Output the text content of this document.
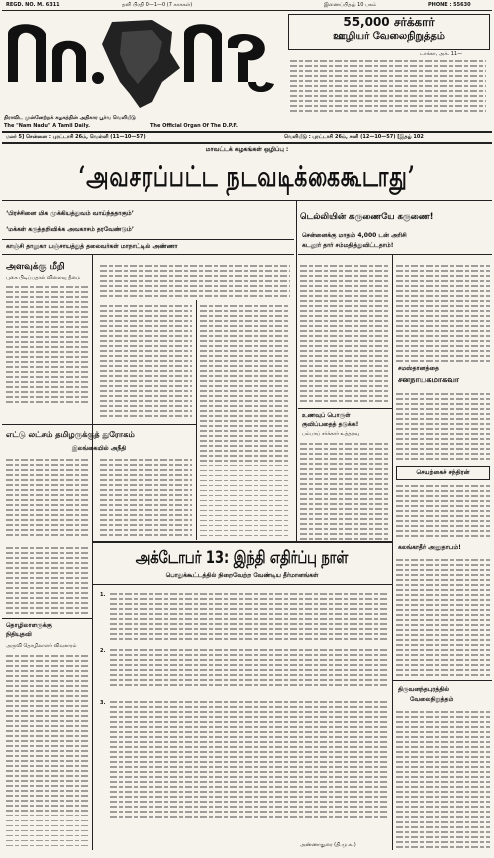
REGD. NO. M. 6311	தனி பிரதி 0—1—0 (7 காசுகள்)	இணைப்பிதழ் 10 பகம்	PHONE : 55630
திராவிட முன்னேற்றக் கழகத்தின் அதிகார பூர்வ வெளியீடு
The "Nam Nadu" A Tamil Daily.	The Official Organ Of The D.P.F.
55,000 சர்க்கார்
ஊழியர் வேலைநிறுத்தம்
டாக்கா, அக். 11—
மலர் 5] சென்னை : புரட்டாசி 26ம், வெள்ளி (11—10—57)	வெளியீடு : புரட்டாசி 26ம், சனி (12—10—57) [இதழ் 102
மாவட்டக் கழகங்கள் ஒழிப்பு :
‘அவசரப்பட்ட நடவடிக்கைகூடாது’
‘பிரச்சினை மிக முக்கியத்துவம் வாய்ந்ததாகும்’
‘மக்கள் கருத்தறிவிக்க அவகாசம் தரவேண்டும்’
காஞ்சி தாலுகா பஞ்சாயத்துத் தலைவர்கள் மாநாட்டில் அண்ணா
டெல்லியின் கருணையே கருணை!
சென்னைக்கு மாதம் 4,000 டன் அரிசி
கடலூர் தார் சம்மதித்துவிட்டதாம்!
அளவுக்கு மீறி
புகை பிடிப்பதால் விளைவு தீமை
எட்டு லட்சம் தமிழருக்குத் துரோகம்
இலங்கையில் அநீதி
உணவுப் பொருள்
குவிப்பதைத் தடுக்க!
பம்பாய் சர்க்கார் உத்தரவு
சமஸ்தானத்தை
சனநாயகமாகவா
செயற்கைச் சந்திரன்
அக்டோபர் 13: இந்தி எதிர்ப்பு நாள்
பொதுக்கூட்டத்தில் நிறைவேற்ற வேண்டிய தீர்மானங்கள்
1.
2.
3.
அண்ணாதுரை (தி.மு.க.)
தொழிலாளருக்கு
நிதியுதவி
அருவி தொழிலாளர் விவகாரம்
கலங்காதீர் அனுதாபம்!
திருவனந்தபுரத்தில்
வேலைநிறுத்தம்
